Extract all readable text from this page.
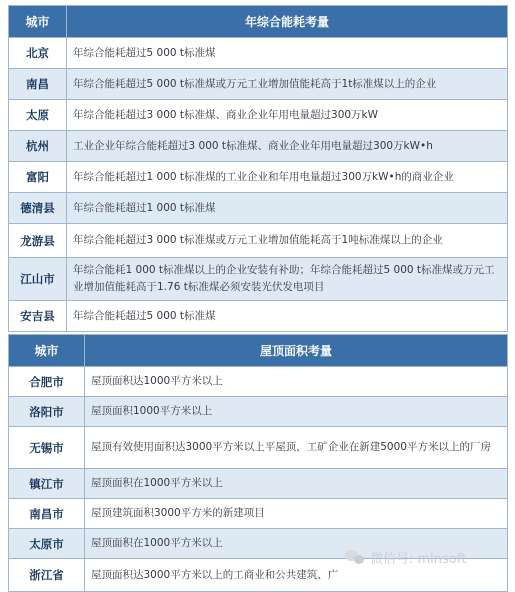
城市	年综合能耗考量
北京	年综合能耗超过5 000 t标准煤
南昌	年综合能耗超过5 000 t标准煤或万元工业增加值能耗高于1t标准煤以上的企业
太原	年综合能耗超过3 000 t标准煤、商业企业年用电量超过300万kW
杭州	工业企业年综合能耗超过3 000 t标准煤、商业企业年用电量超过300万kW•h
富阳	年综合能耗超过1 000 t标准煤的工业企业和年用电量超过300万kW•h的商业企业
德清县	年综合能耗超过1 000 t标准煤
龙游县	年综合能耗超过3 000 t标准煤或万元工业增加值能耗高于1吨标准煤以上的企业
江山市	年综合能耗1 000 t标准煤以上的企业安装有补助；年综合能耗超过5 000 t标准煤或万元工业增加值能耗高于1.76 t标准煤必须安装光伏发电项目
安吉县	年综合能耗超过5 000 t标准煤
城市	屋顶面积考量
合肥市	屋顶面积达1000平方米以上
洛阳市	屋顶面积1000平方米以上
无锡市	屋顶有效使用面积达3000平方米以上平屋顶，工矿企业在新建5000平方米以上的厂房
镇江市	屋顶面积在1000平方米以上
南昌市	屋顶建筑面积3000平方米的新建项目
太原市	屋顶面积在1000平方米以上
浙江省	屋顶面积达3000平方米以上的工商业和公共建筑、广
微信号: mlnsoft
